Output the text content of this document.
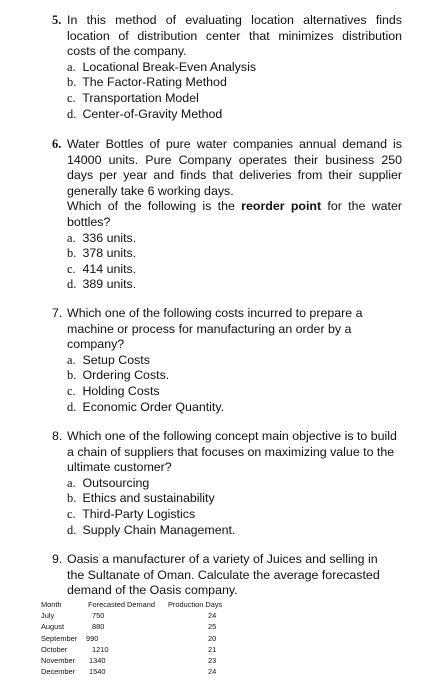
5. In this method of evaluating location alternatives finds location of distribution center that minimizes distribution costs of the company.
a. Locational Break-Even Analysis
b. The Factor-Rating Method
c. Transportation Model
d. Center-of-Gravity Method
6. Water Bottles of pure water companies annual demand is 14000 units. Pure Company operates their business 250 days per year and finds that deliveries from their supplier generally take 6 working days.
Which of the following is the reorder point for the water bottles?
a. 336 units.
b. 378 units.
c. 414 units.
d. 389 units.
7. Which one of the following costs incurred to prepare a machine or process for manufacturing an order by a company?
a. Setup Costs
b. Ordering Costs.
c. Holding Costs
d. Economic Order Quantity.
8. Which one of the following concept main objective is to build a chain of suppliers that focuses on maximizing value to the ultimate customer?
a. Outsourcing
b. Ethics and sustainability
c. Third-Party Logistics
d. Supply Chain Management.
9. Oasis a manufacturer of a variety of Juices and selling in the Sultanate of Oman. Calculate the average forecasted demand of the Oasis company.
Month	Forecasted Demand	Production Days
July	750	24
August	880	25
September	990	20
October	1210	21
November	1340	23
December	1540	24
